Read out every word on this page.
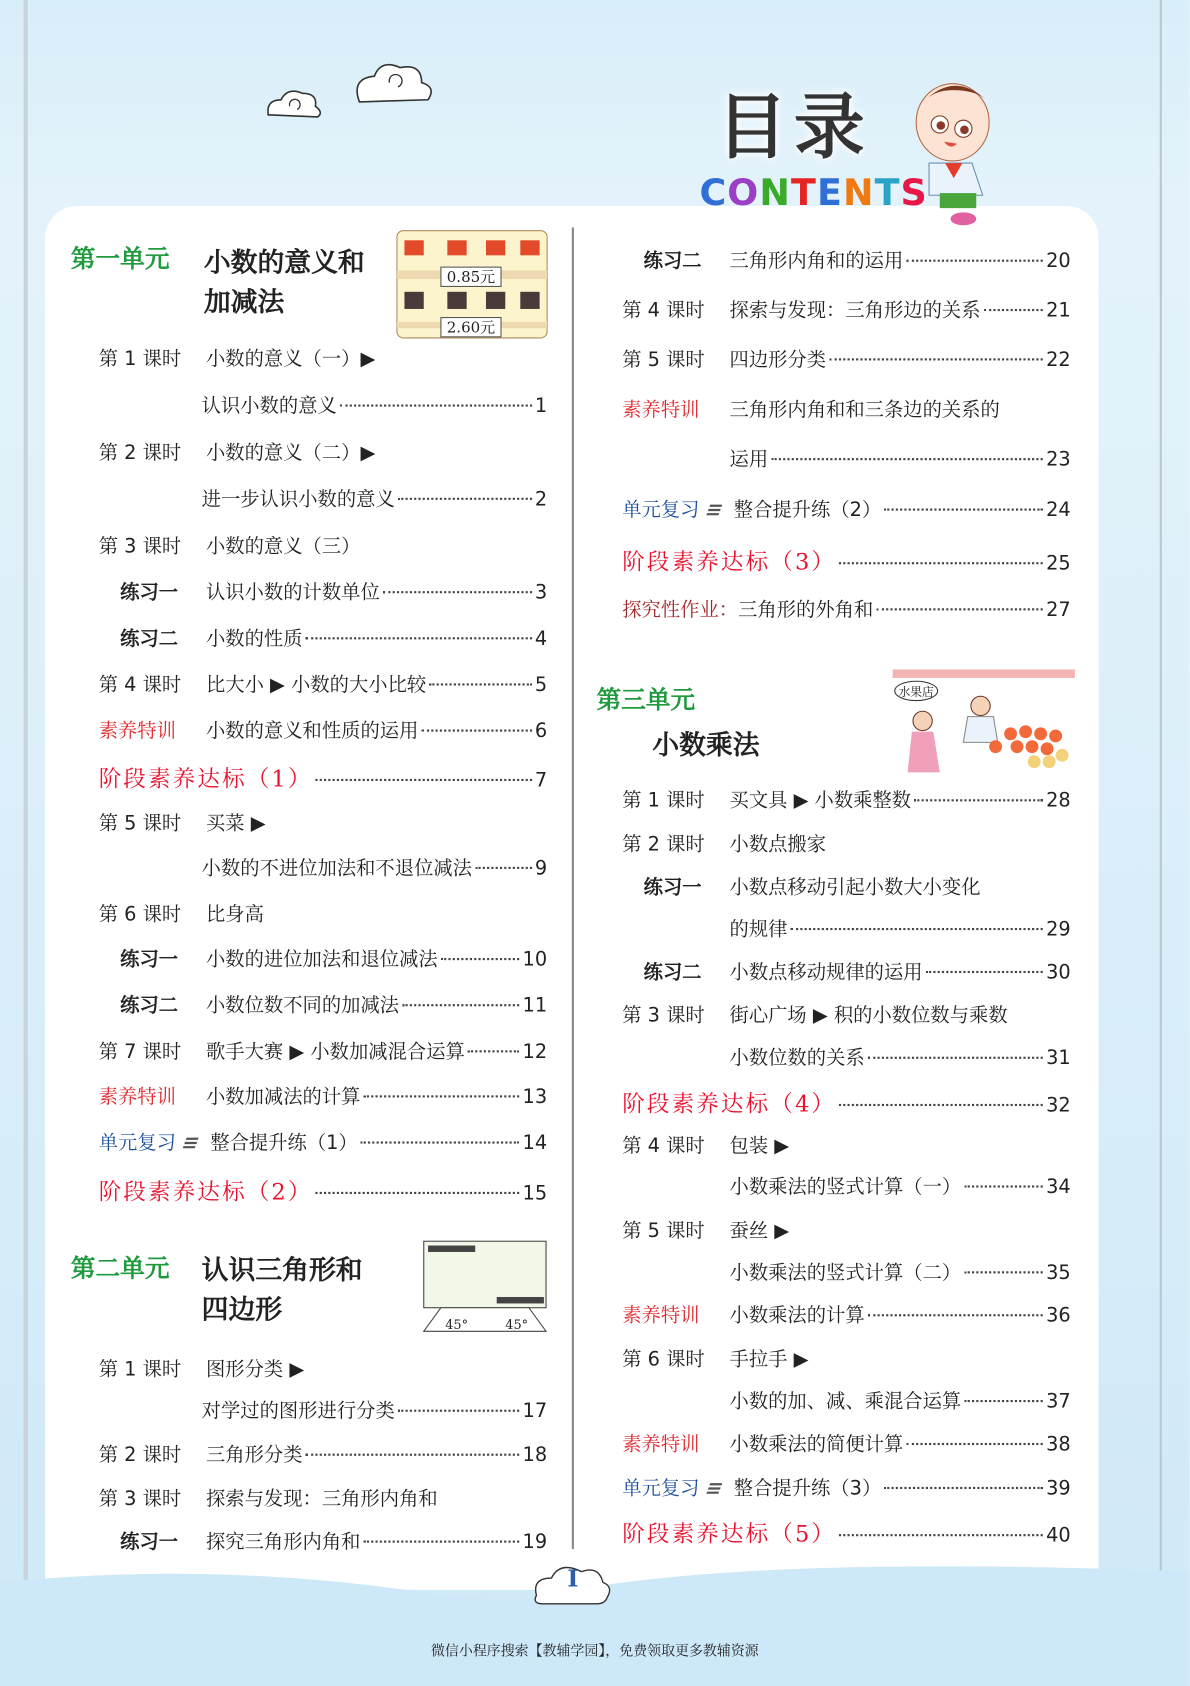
目录
CONTENTS
第一单元 小数的意义和
加减法
0.85元
2.60元
第二单元 认识三角形和
四边形
45°	45°
第三单元
小数乘法
水果店
第 1 课时	小数的意义（一）▶
认识小数的意义	1
第 2 课时	小数的意义（二）▶
进一步认识小数的意义	2
第 3 课时	小数的意义（三）
练习一	认识小数的计数单位	3
练习二	小数的性质	4
第 4 课时	比大小 ▶ 小数的大小比较	5
素养特训	小数的意义和性质的运用	6
阶段素养达标（1）	7
第 5 课时	买菜 ▶
小数的不进位加法和不退位减法	9
第 6 课时	比身高
练习一	小数的进位加法和退位减法	10
练习二	小数位数不同的加减法	11
第 7 课时	歌手大赛 ▶ 小数加减混合运算	12
素养特训	小数加减法的计算	13
单元复习 ≡ 整合提升练（1）	14
阶段素养达标（2）	15
第 1 课时	图形分类 ▶
对学过的图形进行分类	17
第 2 课时	三角形分类	18
第 3 课时	探索与发现：三角形内角和
练习一	探究三角形内角和	19
练习二	三角形内角和的运用	20
第 4 课时	探索与发现：三角形边的关系	21
第 5 课时	四边形分类	22
素养特训	三角形内角和和三条边的关系的
运用	23
单元复习 ≡ 整合提升练（2）	24
阶段素养达标（3）	25
探究性作业： 三角形的外角和	27
第 1 课时	买文具 ▶ 小数乘整数	28
第 2 课时	小数点搬家
练习一	小数点移动引起小数大小变化
的规律	29
练习二	小数点移动规律的运用	30
第 3 课时	街心广场 ▶ 积的小数位数与乘数
小数位数的关系	31
阶段素养达标（4）	32
第 4 课时	包装 ▶
小数乘法的竖式计算（一）	34
第 5 课时	蚕丝 ▶
小数乘法的竖式计算（二）	35
素养特训	小数乘法的计算	36
第 6 课时	手拉手 ▶
小数的加、减、乘混合运算	37
素养特训	小数乘法的简便计算	38
单元复习 ≡ 整合提升练（3）	39
阶段素养达标（5）	40
I
微信小程序搜索【教辅学园】，免费领取更多教辅资源
